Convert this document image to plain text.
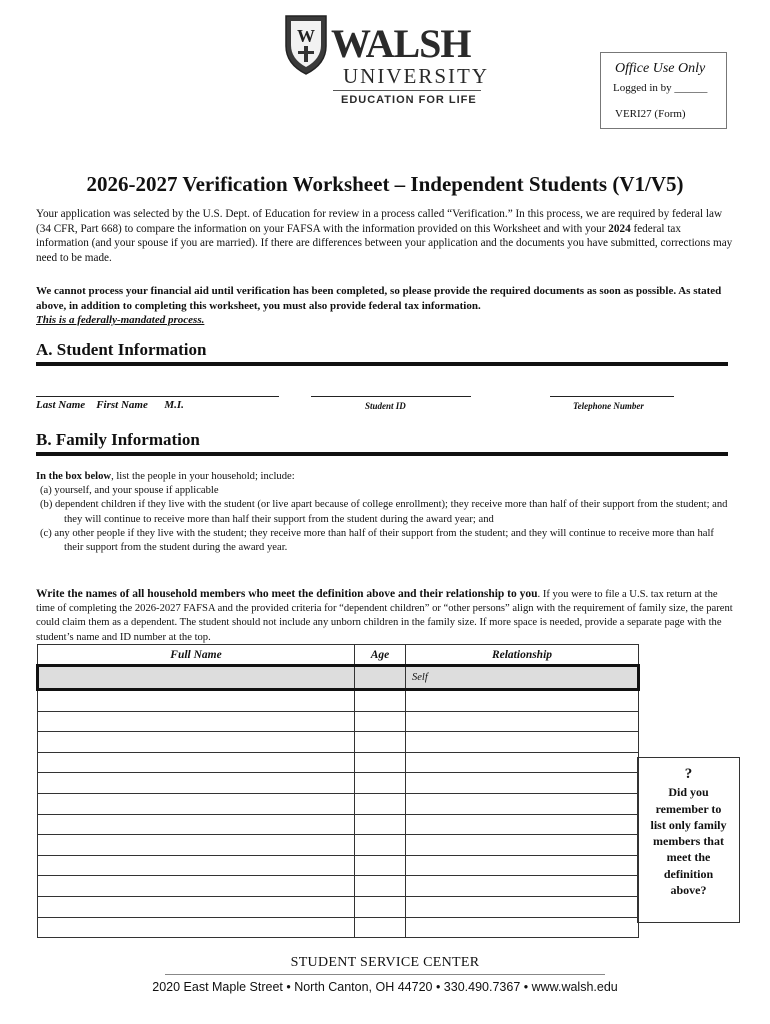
W WALSH
UNIVERSITY
EDUCATION FOR LIFE
Office Use Only
Logged in by ______
VERI27 (Form)
2026-2027 Verification Worksheet – Independent Students (V1/V5)
Your application was selected by the U.S. Dept. of Education for review in a process called “Verification.” In this process, we are required by federal law (34 CFR, Part 668) to compare the information on your FAFSA with the information provided on this Worksheet and with your 2024 federal tax information (and your spouse if you are married). If there are differences between your application and the documents you have submitted, corrections may need to be made.
We cannot process your financial aid until verification has been completed, so please provide the required documents as soon as possible. As stated above, in addition to completing this worksheet, you must also provide federal tax information.
This is a federally-mandated process.
A. Student Information
Last Name    First Name      M.I.	Student ID	Telephone Number
B. Family Information
In the box below, list the people in your household; include:
(a) yourself, and your spouse if applicable
(b) dependent children if they live with the student (or live apart because of college enrollment); they receive more than half of their support from the student; and they will continue to receive more than half their support from the student during the award year; and
(c) any other people if they live with the student; they receive more than half of their support from the student; and they will continue to receive more than half their support from the student during the award year.
Write the names of all household members who meet the definition above and their relationship to you. If you were to file a U.S. tax return at the time of completing the 2026-2027 FAFSA and the provided criteria for “dependent children” or “other persons” align with the requirement of family size, the parent could claim them as a dependent. The student should not include any unborn children in the family size. If more space is needed, provide a separate page with the student’s name and ID number at the top.
Full Name	Age	Relationship
		Self

?
Did you remember to list only family members that meet the definition above?
STUDENT SERVICE CENTER
2020 East Maple Street • North Canton, OH 44720 • 330.490.7367 • www.walsh.edu
